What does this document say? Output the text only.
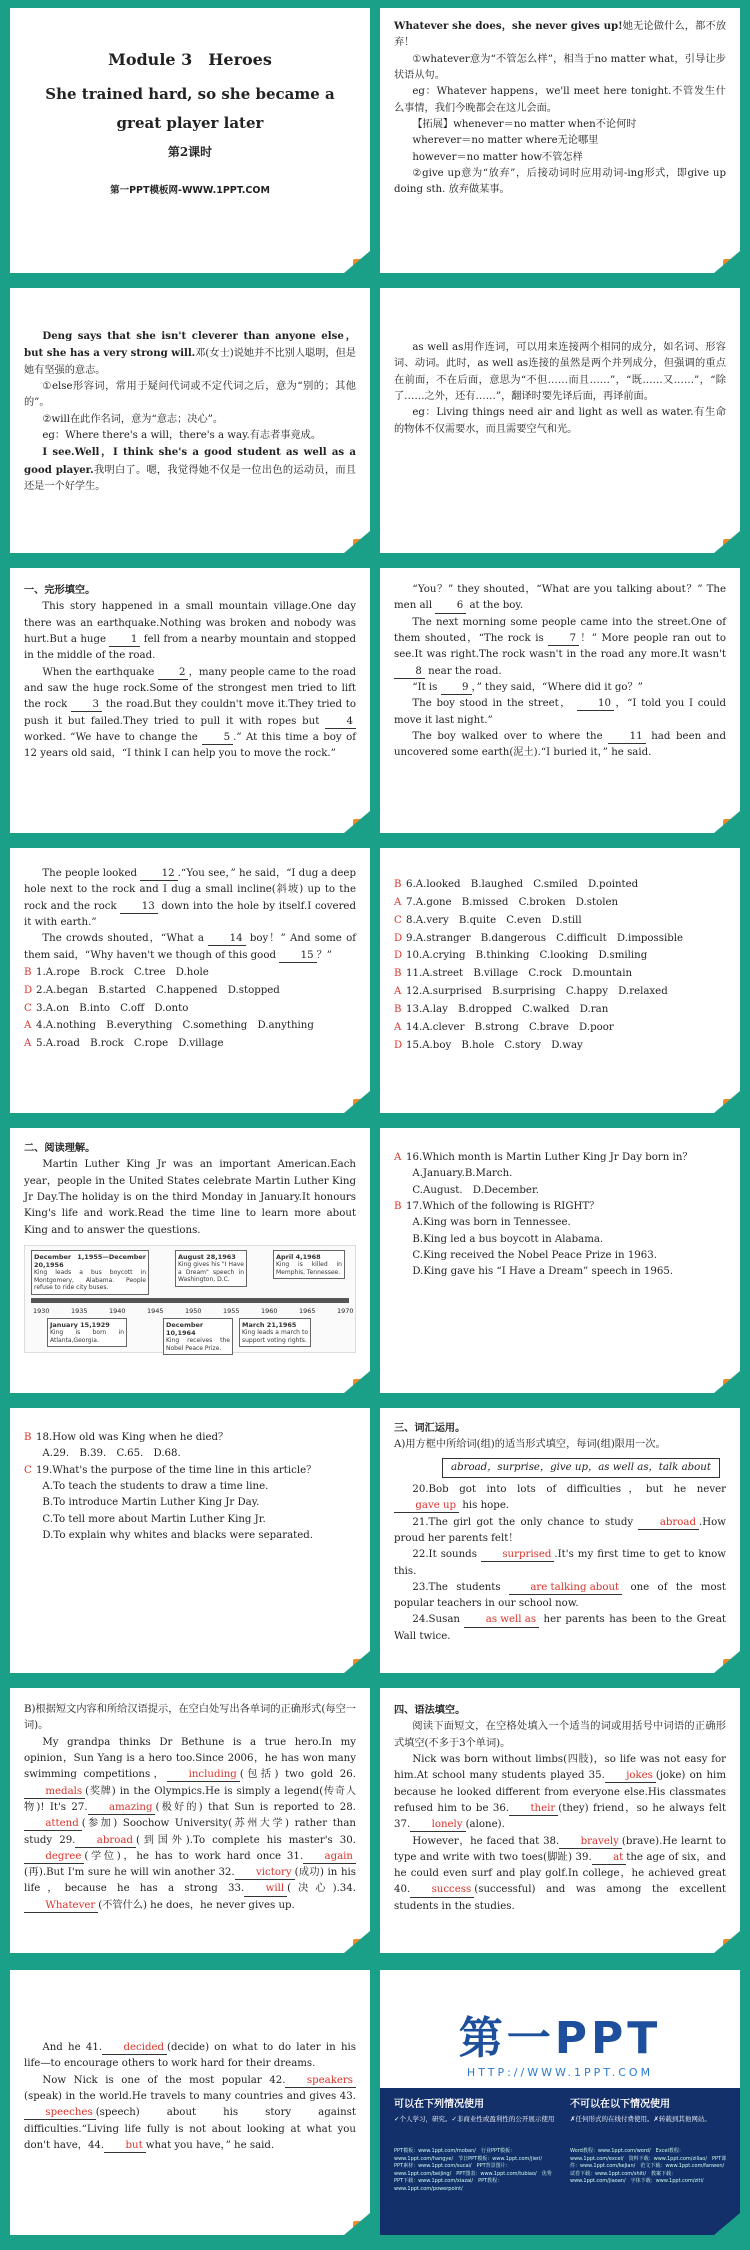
Module 3　Heroes
She trained hard, so she became a great player later
第2课时
第一PPT模板网-WWW.1PPT.COM

Whatever she does，she never gives up!她无论做什么，都不放弃！

①whatever意为“不管怎么样”，相当于no matter what，引导让步状语从句。

eg：Whatever happens，we'll meet here tonight.不管发生什么事情，我们今晚都会在这儿会面。

【拓展】whenever＝no matter when不论何时

wherever＝no matter where无论哪里

however＝no matter how不管怎样

②give up意为“放弃”，后接动词时应用动词-ing形式，即give up doing sth. 放弃做某事。

Deng says that she isn't cleverer than anyone else，but she has a very strong will.邓(女士)说她并不比别人聪明，但是她有坚强的意志。

①else形容词，常用于疑问代词或不定代词之后，意为“别的；其他的”。

②will在此作名词，意为“意志；决心”。

eg：Where there's a will，there's a way.有志者事竟成。

I see.Well，I think she's a good student as well as a good player.我明白了。嗯，我觉得她不仅是一位出色的运动员，而且还是一个好学生。

as well as用作连词，可以用来连接两个相同的成分，如名词、形容词、动词。此时，as well as连接的虽然是两个并列成分，但强调的重点在前面，不在后面，意思为“不但……而且……”，“既……又……”，“除了……之外，还有……”，翻译时要先译后面，再译前面。

eg：Living things need air and light as well as water.有生命的物体不仅需要水，而且需要空气和光。

一、完形填空。

This story happened in a small mountain village.One day there was an earthquake.Nothing was broken and nobody was hurt.But a huge 1 fell from a nearby mountain and stopped in the middle of the road.

When the earthquake 2 ，many people came to the road and saw the huge rock.Some of the strongest men tried to lift the rock 3 the road.But they couldn't move it.They tried to push it but failed.They tried to pull it with ropes but	4 worked. “We have to change the	5 .” At this time a boy of 12 years old said，“I think I can help you to move the rock.”

“You？” they shouted，“What are you talking about？” The men all 6 at the boy.

The next morning some people came into the street.One of them shouted，“The rock is	7 ！” More people ran out to see.It was right.The rock wasn't in the road any more.It wasn't 8 near the road.

“It is 9 ，” they said，“Where did it go？”

The boy stood in the street，	10 ，“I told you I could move it last night.”

The boy walked over to where the	11 had been and uncovered some earth(泥土).“I buried it，” he said.

The people looked 12 .“You see，” he said，“I dug a deep hole next to the rock and I dug a small incline(斜坡) up to the rock and the rock 13 down into the hole by itself.I covered it with earth.”

The crowds shouted，“What a	14 boy！” And some of them said，“Why haven't we though of this good 15 ？”

B 1.A.rope　B.rock　C.tree　D.hole

D 2.A.began　B.started　C.happened　D.stopped

C 3.A.on　B.into　C.off　D.onto

A 4.A.nothing　B.everything　C.something　D.anything

A 5.A.road　B.rock　C.rope　D.village

B 6.A.looked　B.laughed　C.smiled　D.pointed

A 7.A.gone　B.missed　C.broken　D.stolen

C 8.A.very　B.quite　C.even　D.still

D 9.A.stranger　B.dangerous　C.difficult　D.impossible

D 10.A.crying　B.thinking　C.looking　D.smiling

B 11.A.street　B.village　C.rock　D.mountain

A 12.A.surprised　B.surprising　C.happy　D.relaxed

B 13.A.lay　B.dropped　C.walked　D.ran

A 14.A.clever　B.strong　C.brave　D.poor

D 15.A.boy　B.hole　C.story　D.way

二、阅读理解。

Martin Luther King Jr was an important American.Each year，people in the United States celebrate Martin Luther King Jr Day.The holiday is on the third Monday in January.It honours King's life and work.Read the time line to learn more about King and to answer the questions.

December 1,1955—December 20,1956
King leads a bus boycott in Montgomery, Alabama. People refuse to ride city buses.
August 28,1963
King gives his "I Have a Dream" speech in Washington, D.C.
April 4,1968
King is killed in Memphis, Tennessee.
1930	1935	1940	1945	1950	1955	1960	1965	1970
January 15,1929
King is born in Atlanta,Georgia.
December 10,1964
King receives the Nobel Peace Prize.
March 21,1965
King leads a march to support voting rights.

A 16.Which month is Martin Luther King Jr Day born in？

A.January.B.March.

C.August.　D.December.

B 17.Which of the following is RIGHT？

A.King was born in Tennessee.

B.King led a bus boycott in Alabama.

C.King received the Nobel Peace Prize in 1963.

D.King gave his “I Have a Dream” speech in 1965.

B 18.How old was King when he died？

A.29.　B.39.　C.65.　D.68.

C 19.What's the purpose of the time line in this article？

A.To teach the students to draw a time line.

B.To introduce Martin Luther King Jr Day.

C.To tell more about Martin Luther King Jr.

D.To explain why whites and blacks were separated.

三、词汇运用。

A)用方框中所给词(组)的适当形式填空，每词(组)限用一次。

abroad，surprise，give up，as well as，talk about

20.Bob got into lots of difficulties，but he never gave up his hope.

21.The girl got the only chance to study	abroad .How proud her parents felt！

22.It sounds surprised .It's my first time to get to know this.

23.The students	are talking about one of the most popular teachers in our school now.

24.Susan	as well as her parents has been to the Great Wall twice.

B)根据短文内容和所给汉语提示，在空白处写出各单词的正确形式(每空一词)。

My grandpa thinks Dr Bethune is a true hero.In my opinion，Sun Yang is a hero too.Since 2006，he has won many swimming competitions， including (包括) two gold 26.medals (奖牌) in the Olympics.He is simply a legend(传奇人物)! It's 27. amazing (极好的) that Sun is reported to 28.attend (参加) Soochow University(苏州大学) rather than study 29. abroad (到国外).To complete his master's 30.degree (学位)，he has to work hard once 31. again(再).But I'm sure he will win another 32. victory (成功) in his life，because he has a strong 33. will (决心).34.Whatever (不管什么) he does，he never gives up.

四、语法填空。

阅读下面短文，在空格处填入一个适当的词或用括号中词语的正确形式填空(不多于3个单词)。

Nick was born without limbs(四肢)，so life was not easy for him.At school many students played 35. jokes (joke) on him because he looked different from everyone else.His classmates refused him to be 36. their (they) friend，so he always felt 37. lonely (alone).

However，he faced that 38. bravely (brave).He learnt to type and write with two toes(脚趾) 39. at the age of six，and he could even surf and play golf.In college，he achieved great 40. success (successful) and was among the excellent students in the studies.

And he 41. decided (decide) on what to do later in his life—to encourage others to work hard for their dreams.

Now Nick is one of the most popular 42. speakers(speak) in the world.He travels to many countries and gives 43.speeches (speech) about his story against difficulties.“Living life fully is not about looking at what you don't have，44. but what you have，” he said.

第一PPT
HTTP://WWW.1PPT.COM
可以在下列情况使用
✓个人学习，研究。✓非商业性或盈利性的公开展示使用
不可以在以下情况使用
✗任何形式的在线付费使用。✗转载到其他网站。
PPT模板：www.1ppt.com/moban/　行业PPT模板：www.1ppt.com/hangye/　节日PPT模板：www.1ppt.com/jieri/　PPT素材：www.1ppt.com/sucai/　PPT背景图片：www.1ppt.com/beijing/　PPT图表：www.1ppt.com/tubiao/　优秀PPT下载：www.1ppt.com/xiazai/　PPT教程：www.1ppt.com/powerpoint/
Word教程：www.1ppt.com/word/　Excel教程：www.1ppt.com/excel/　资料下载：www.1ppt.com/ziliao/　PPT课件：www.1ppt.com/kejian/　范文下载：www.1ppt.com/fanwen/　试卷下载：www.1ppt.com/shiti/　教案下载：www.1ppt.com/jiaoan/　字体下载：www.1ppt.com/ziti/
